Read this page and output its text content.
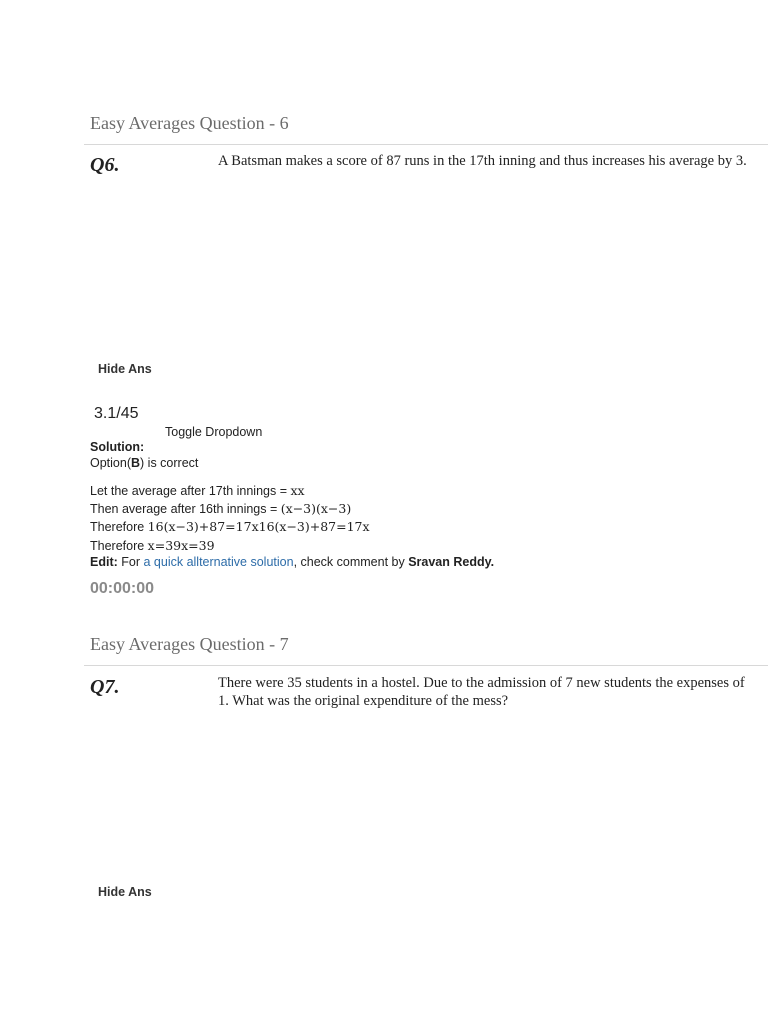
Easy Averages Question - 6
Q6.	A Batsman makes a score of 87 runs in the 17th inning and thus increases his average by 3.
Hide Ans
3.1/45
Toggle Dropdown
Solution:
Option(B) is correct
Let the average after 17th innings = xx
Then average after 16th innings = (x−3)(x−3)
Therefore 16(x−3)+87=17x16(x−3)+87=17x
Therefore x=39x=39
Edit: For a quick allternative solution, check comment by Sravan Reddy.
00:00:00
Easy Averages Question - 7
Q7.	There were 35 students in a hostel. Due to the admission of 7 new students the expenses of
1. What was the original expenditure of the mess?
Hide Ans
